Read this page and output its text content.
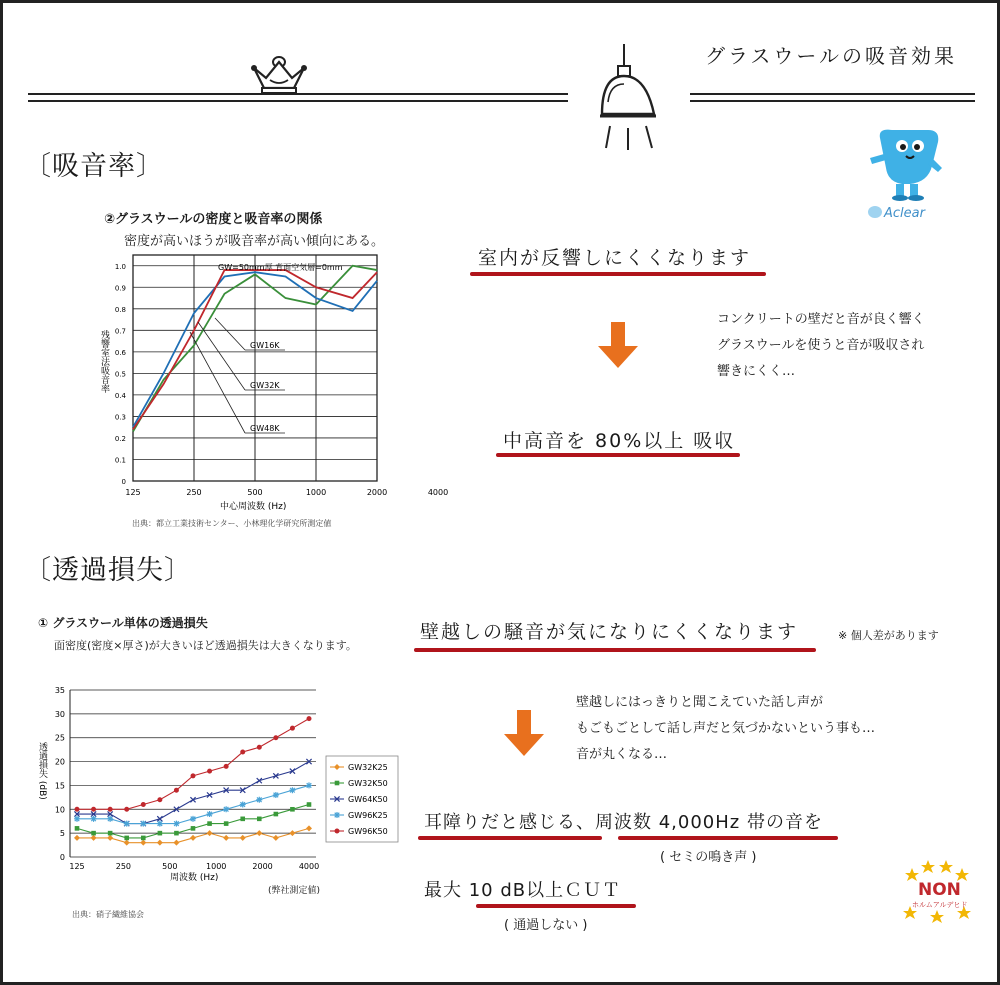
グラスウールの吸音効果
Aclear
〔吸音率〕
②グラスウールの密度と吸音率の関係
密度が高いほうが吸音率が高い傾向にある。
125	250	500	1000	2000	4000
0
0.1
0.2
0.3
0.4
0.5
0.6
0.7
0.8
0.9
1.0	GW=50mm厚 背面空気層=0mm
中心周波数 (Hz)
残響室法吸音率	GW16K
GW32K
GW48K
出典：都立工業技術センター、小林理化学研究所測定値
室内が反響しにくくなります
コンクリートの壁だと音が良く響く
グラスウールを使うと音が吸収され
響きにくく…
中高音を 80%以上 吸収
〔透過損失〕
① グラスウール単体の透過損失
面密度(密度×厚さ)が大きいほど透過損失は大きくなります。
0
5
10
15
20
25
30
35
125	250	500	1000	2000	4000
周波数 (Hz)
透過損失 (dB)	GW32K25
GW32K50
GW64K50
GW96K25
GW96K50
(弊社測定値)
出典：硝子繊維協会
壁越しの騒音が気になりにくくなります	※ 個人差があります
壁越しにはっきりと聞こえていた話し声が
もごもごとして話し声だと気づかないという事も…
音が丸くなる…
耳障りだと感じる、周波数 4,000Hz 帯の音を
( セミの鳴き声 )
最大 10 dB以上ＣＵＴ
( 通過しない )
NON
ホルムアルデヒド
